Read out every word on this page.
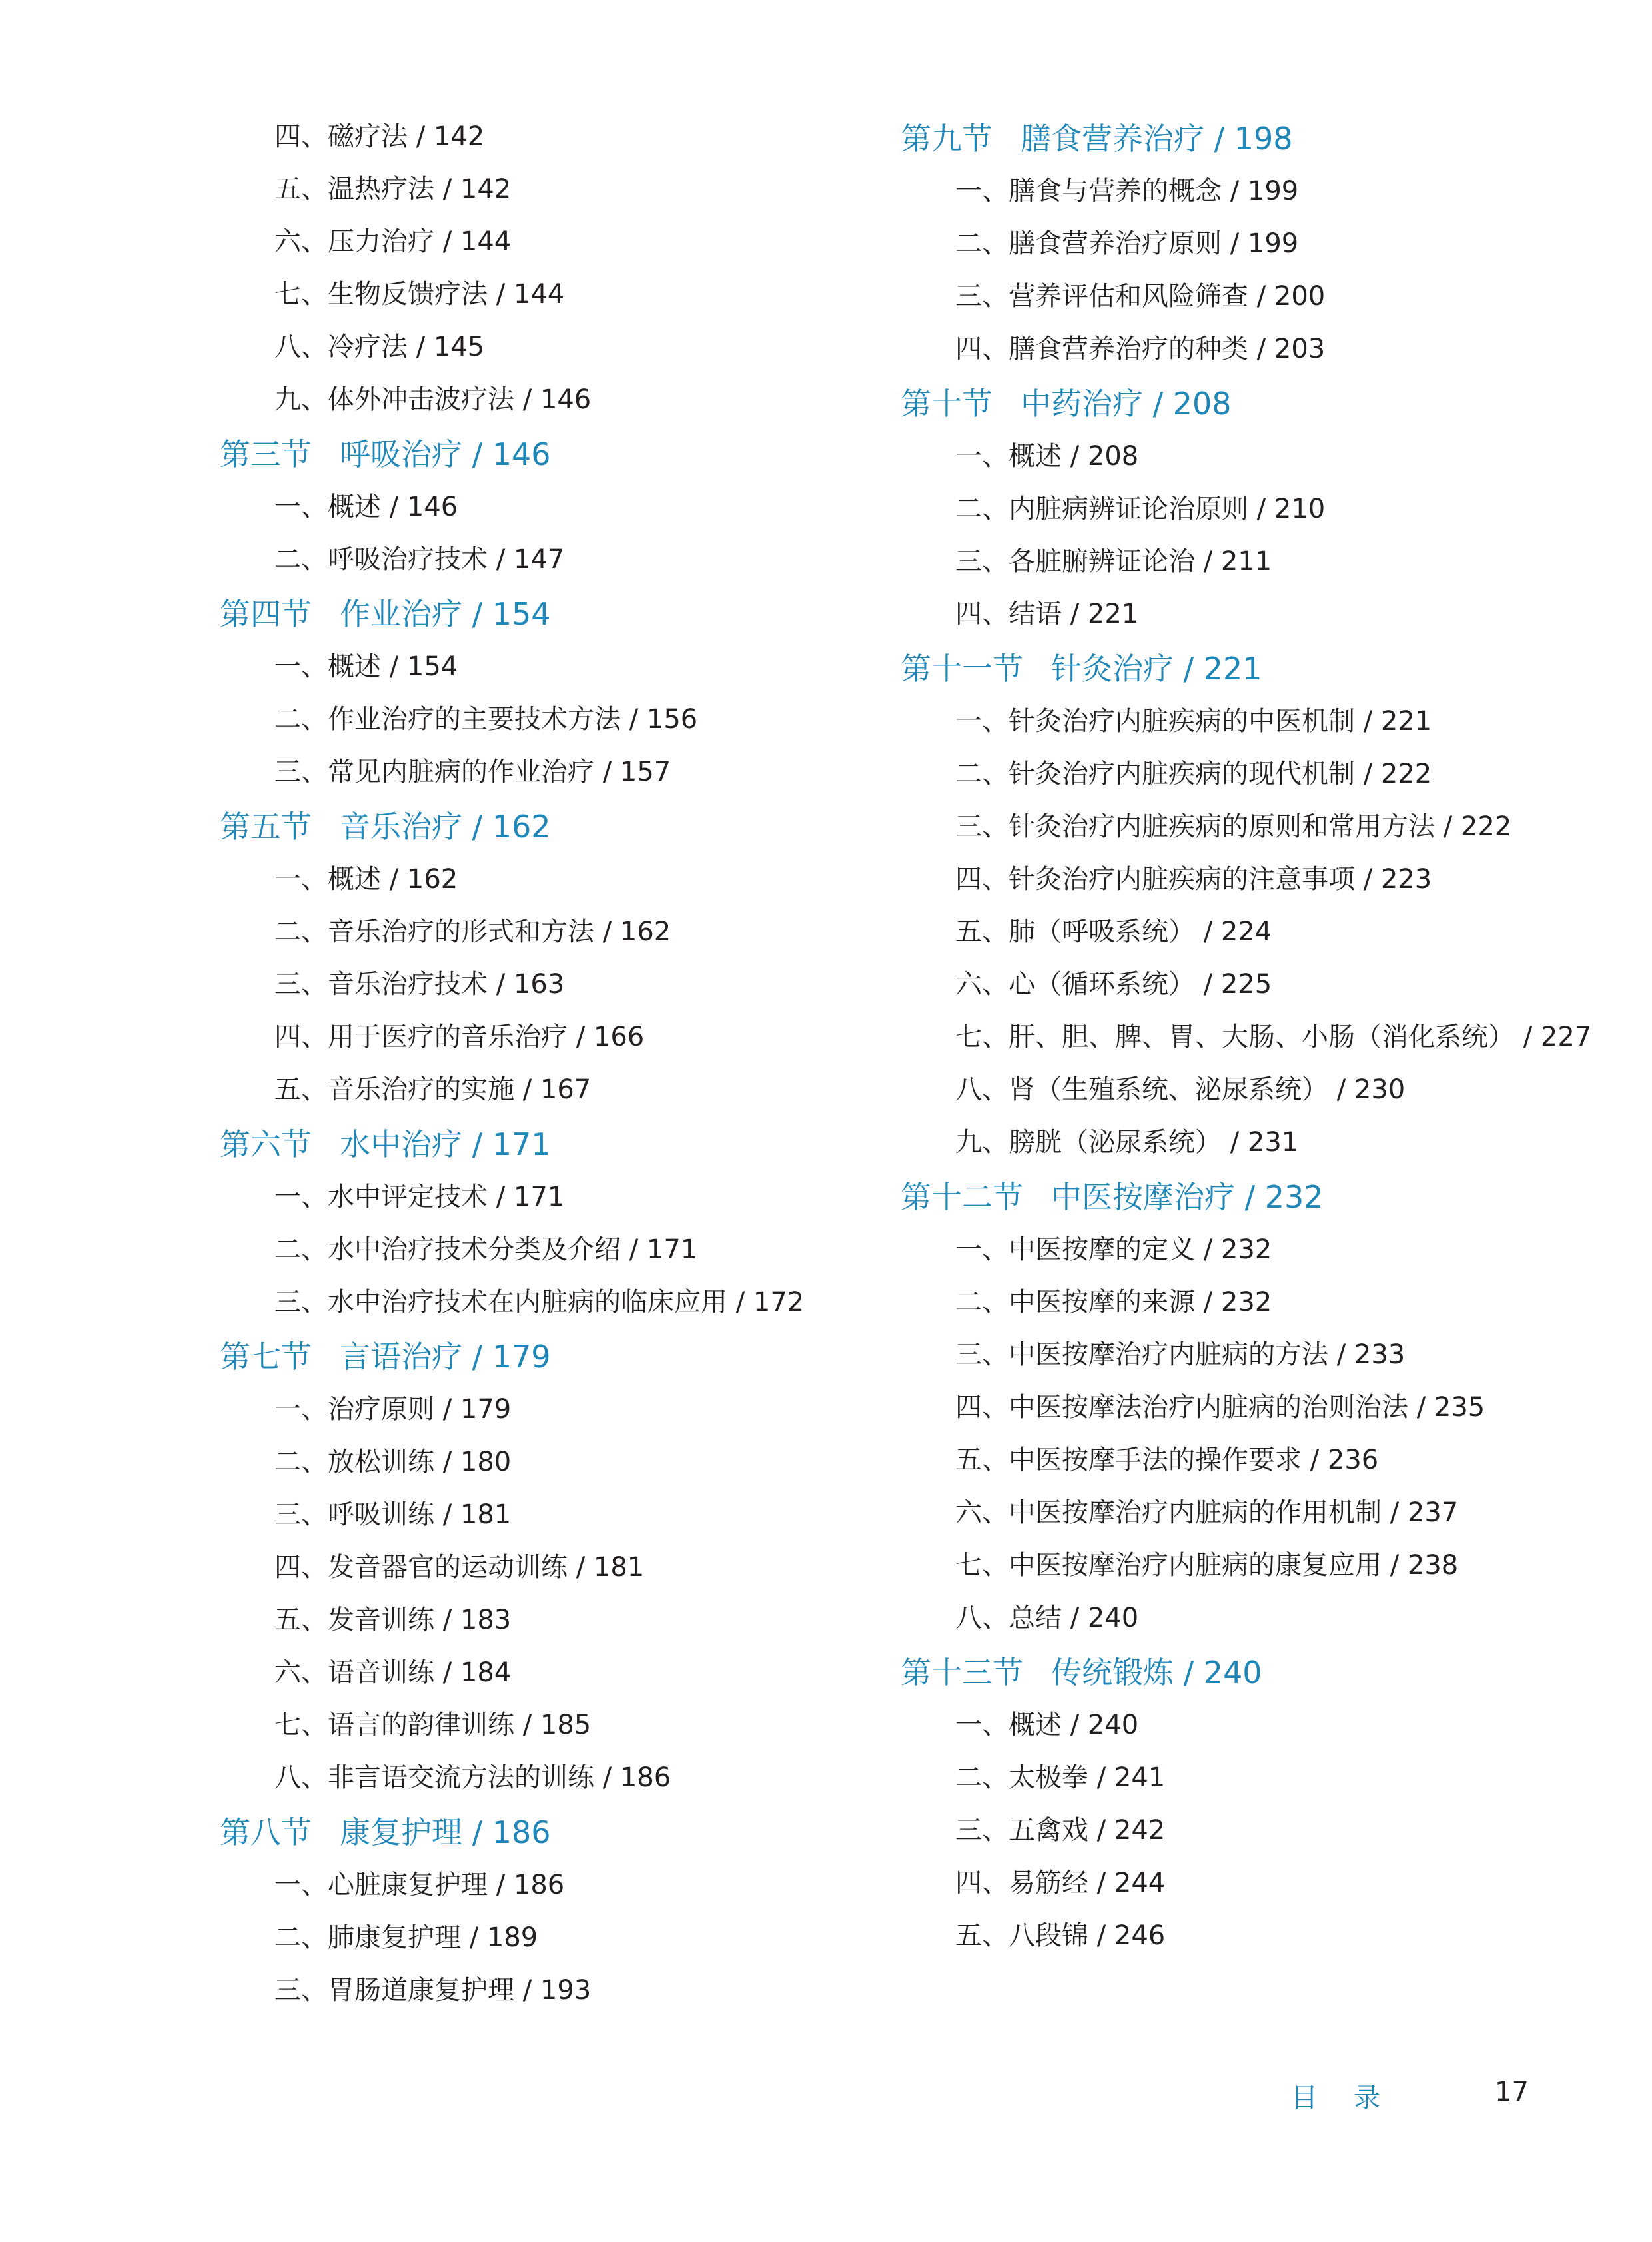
四、磁疗法 / 142
五、温热疗法 / 142
六、压力治疗 / 144
七、生物反馈疗法 / 144
八、冷疗法 / 145
九、体外冲击波疗法 / 146
第三节 呼吸治疗 / 146
一、概述 / 146
二、呼吸治疗技术 / 147
第四节 作业治疗 / 154
一、概述 / 154
二、作业治疗的主要技术方法 / 156
三、常见内脏病的作业治疗 / 157
第五节 音乐治疗 / 162
一、概述 / 162
二、音乐治疗的形式和方法 / 162
三、音乐治疗技术 / 163
四、用于医疗的音乐治疗 / 166
五、音乐治疗的实施 / 167
第六节 水中治疗 / 171
一、水中评定技术 / 171
二、水中治疗技术分类及介绍 / 171
三、水中治疗技术在内脏病的临床应用 / 172
第七节 言语治疗 / 179
一、治疗原则 / 179
二、放松训练 / 180
三、呼吸训练 / 181
四、发音器官的运动训练 / 181
五、发音训练 / 183
六、语音训练 / 184
七、语言的韵律训练 / 185
八、非言语交流方法的训练 / 186
第八节 康复护理 / 186
一、心脏康复护理 / 186
二、肺康复护理 / 189
三、胃肠道康复护理 / 193
第九节 膳食营养治疗 / 198
一、膳食与营养的概念 / 199
二、膳食营养治疗原则 / 199
三、营养评估和风险筛查 / 200
四、膳食营养治疗的种类 / 203
第十节 中药治疗 / 208
一、概述 / 208
二、内脏病辨证论治原则 / 210
三、各脏腑辨证论治 / 211
四、结语 / 221
第十一节 针灸治疗 / 221
一、针灸治疗内脏疾病的中医机制 / 221
二、针灸治疗内脏疾病的现代机制 / 222
三、针灸治疗内脏疾病的原则和常用方法 / 222
四、针灸治疗内脏疾病的注意事项 / 223
五、肺（呼吸系统） / 224
六、心（循环系统） / 225
七、肝、胆、脾、胃、大肠、小肠（消化系统） / 227
八、肾（生殖系统、泌尿系统） / 230
九、膀胱（泌尿系统） / 231
第十二节 中医按摩治疗 / 232
一、中医按摩的定义 / 232
二、中医按摩的来源 / 232
三、中医按摩治疗内脏病的方法 / 233
四、中医按摩法治疗内脏病的治则治法 / 235
五、中医按摩手法的操作要求 / 236
六、中医按摩治疗内脏病的作用机制 / 237
七、中医按摩治疗内脏病的康复应用 / 238
八、总结 / 240
第十三节 传统锻炼 / 240
一、概述 / 240
二、太极拳 / 241
三、五禽戏 / 242
四、易筋经 / 244
五、八段锦 / 246
目录	17
